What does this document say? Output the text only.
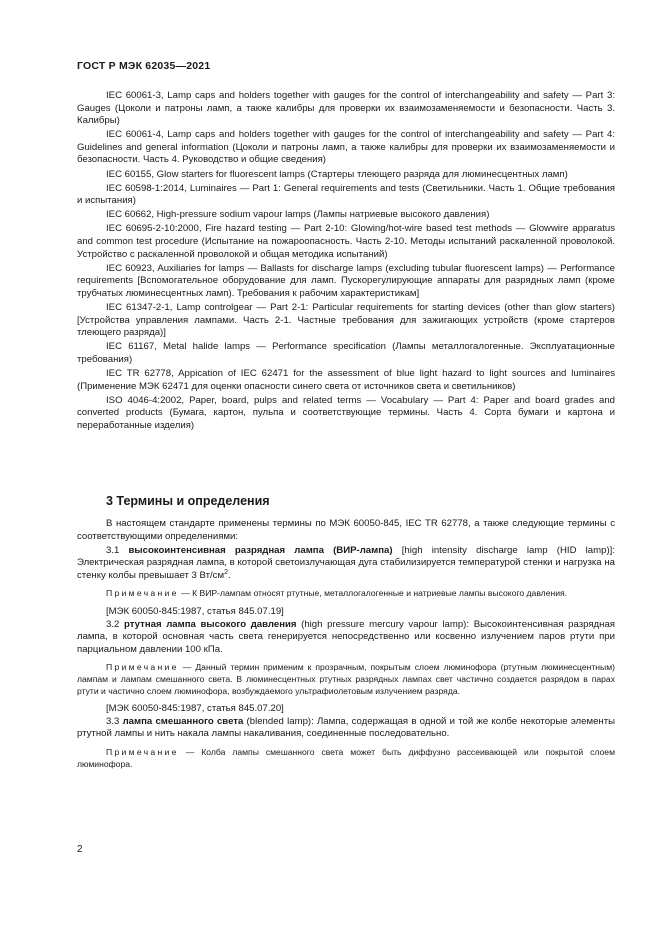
ГОСТ Р МЭК 62035—2021

IEC 60061-3, Lamp caps and holders together with gauges for the control of interchangeability and safety — Part 3: Gauges (Цоколи и патроны ламп, а также калибры для проверки их взаимозаменяемости и безопасности. Часть 3. Калибры)

IEC 60061-4, Lamp caps and holders together with gauges for the control of interchangeability and safety — Part 4: Guidelines and general information (Цоколи и патроны ламп, а также калибры для проверки их взаимозаменяемости и безопасности. Часть 4. Руководство и общие сведения)

IEC 60155, Glow starters for fluorescent lamps (Стартеры тлеющего разряда для люминесцентных ламп)

IEC 60598-1:2014, Luminaires — Part 1: General requirements and tests (Светильники. Часть 1. Общие требования и испытания)

IEC 60662, High-pressure sodium vapour lamps (Лампы натриевые высокого давления)

IEC 60695-2-10:2000, Fire hazard testing — Part 2-10: Glowing/hot-wire based test methods — Glowwire apparatus and common test procedure (Испытание на пожароопасность. Часть 2-10. Методы испытаний раскаленной проволокой. Устройство с раскаленной проволокой и общая методика испытаний)

IEC 60923, Auxiliaries for lamps — Ballasts for discharge lamps (excluding tubular fluorescent lamps) — Performance requirements [Вспомогательное оборудование для ламп. Пускорегулирующие аппараты для разрядных ламп (кроме трубчатых люминесцентных ламп). Требования к рабочим характеристикам]

IEC 61347-2-1, Lamp controlgear — Part 2-1: Particular requirements for starting devices (other than glow starters) [Устройства управления лампами. Часть 2-1. Частные требования для зажигающих устройств (кроме стартеров тлеющего разряда)]

IEC 61167, Metal halide lamps — Performance specification (Лампы металлогалогенные. Эксплуатационные требования)

IEC TR 62778, Appication of IEC 62471 for the assessment of blue light hazard to light sources and luminaires (Применение МЭК 62471 для оценки опасности синего света от источников света и светильников)

ISO 4046-4:2002, Paper, board, pulps and related terms — Vocabulary — Part 4: Paper and board grades and converted products (Бумага, картон, пульпа и соответствующие термины. Часть 4. Сорта бумаги и картона и переработанные изделия)

3 Термины и определения

В настоящем стандарте применены термины по МЭК 60050-845, IEC TR 62778, а также следующие термины с соответствующими определениями:

3.1 высокоинтенсивная разрядная лампа (ВИР-лампа) [high intensity discharge lamp (HID lamp)]: Электрическая разрядная лампа, в которой светоизлучающая дуга стабилизируется температурой стенки и нагрузка на стенку колбы превышает 3 $Вт/см^2$.

Примечание — К ВИР-лампам относят ртутные, металлогалогенные и натриевые лампы высокого давления.

[МЭК 60050-845:1987, статья 845.07.19]

3.2 ртутная лампа высокого давления (high pressure mercury vapour lamp): Высокоинтенсивная разрядная лампа, в которой основная часть света генерируется непосредственно или косвенно излучением паров ртути при парциальном давлении 100 кПа.

Примечание — Данный термин применим к прозрачным, покрытым слоем люминофора (ртутным люминесцентным) лампам и лампам смешанного света. В люминесцентных ртутных разрядных лампах свет частично создается разрядом в парах ртути и частично слоем люминофора, возбуждаемого ультрафиолетовым излучением разряда.

[МЭК 60050-845:1987, статья 845.07.20]

3.3 лампа смешанного света (blended lamp): Лампа, содержащая в одной и той же колбе некоторые элементы ртутной лампы и нить накала лампы накаливания, соединенные последовательно.

Примечание — Колба лампы смешанного света может быть диффузно рассеивающей или покрытой слоем люминофора.

2
